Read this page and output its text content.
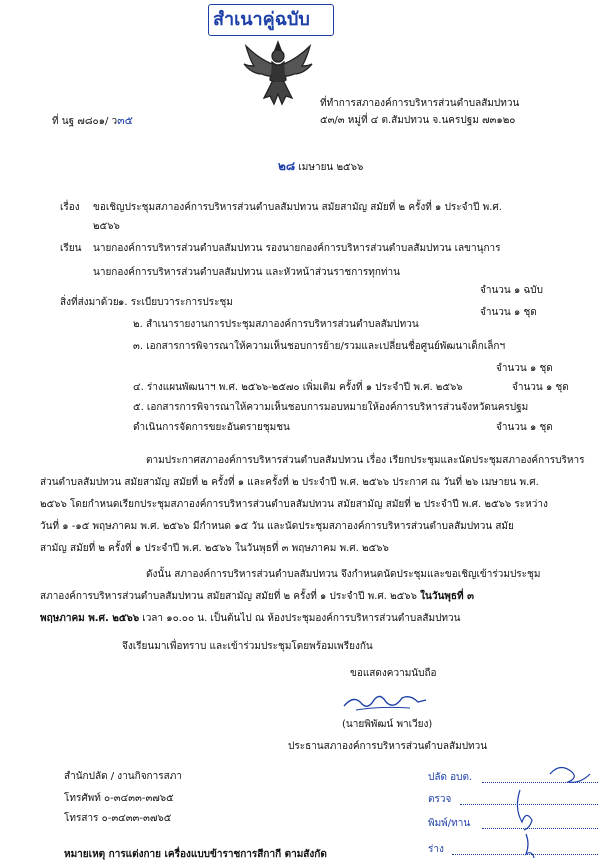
สำเนาคู่ฉบับ
ที่ นฐ ๗๘๐๑/ ว๓๕
ที่ทำการสภาองค์การบริหารส่วนตำบลสัมปทวน
๕๓/๓ หมู่ที่ ๔ ต.สัมปทวน จ.นครปฐม ๗๓๑๒๐
๒๘ เมษายน ๒๕๖๖
เรื่อง ขอเชิญประชุมสภาองค์การบริหารส่วนตำบลสัมปทวน สมัยสามัญ สมัยที่ ๒ ครั้งที่ ๑ ประจำปี พ.ศ.
๒๕๖๖
เรียน นายกองค์การบริหารส่วนตำบลสัมปทวน รองนายกองค์การบริหารส่วนตำบลสัมปทวน เลขานุการ
นายกองค์การบริหารส่วนตำบลสัมปทวน และหัวหน้าส่วนราชการทุกท่าน
สิ่งที่ส่งมาด้วย ๑. ระเบียบวาระการประชุม
จำนวน ๑ ฉบับ
๒. สำเนารายงานการประชุมสภาองค์การบริหารส่วนตำบลสัมปทวน
จำนวน ๑ ชุด
๓. เอกสารการพิจารณาให้ความเห็นชอบการย้าย/รวมและเปลี่ยนชื่อศูนย์พัฒนาเด็กเล็กฯ
จำนวน ๑ ชุด
๔. ร่างแผนพัฒนาฯ พ.ศ. ๒๕๖๖-๒๕๗๐ เพิ่มเติม ครั้งที่ ๑ ประจำปี พ.ศ. ๒๕๖๖	จำนวน ๑ ชุด
๕. เอกสารการพิจารณาให้ความเห็นชอบการมอบหมายให้องค์การบริหารส่วนจังหวัดนครปฐม
ดำเนินการจัดการขยะอันตรายชุมชน	จำนวน ๑ ชุด
ตามประกาศสภาองค์การบริหารส่วนตำบลสัมปทวน เรื่อง เรียกประชุมและนัดประชุมสภาองค์การบริหาร
ส่วนตำบลสัมปทวน สมัยสามัญ สมัยที่ ๒ ครั้งที่ ๑ และครั้งที่ ๒ ประจำปี พ.ศ. ๒๕๖๖ ประกาศ ณ วันที่ ๒๖ เมษายน พ.ศ.
๒๕๖๖ โดยกำหนดเรียกประชุมสภาองค์การบริหารส่วนตำบลสัมปทวน สมัยสามัญ สมัยที่ ๒ ประจำปี พ.ศ. ๒๕๖๖ ระหว่าง
วันที่ ๑ -๑๕ พฤษภาคม พ.ศ. ๒๕๖๖ มีกำหนด ๑๕ วัน และนัดประชุมสภาองค์การบริหารส่วนตำบลสัมปทวน สมัย
สามัญ สมัยที่ ๒ ครั้งที่ ๑ ประจำปี พ.ศ. ๒๕๖๖ ในวันพุธที่ ๓ พฤษภาคม พ.ศ. ๒๕๖๖
ดังนั้น สภาองค์การบริหารส่วนตำบลสัมปทวน จึงกำหนดนัดประชุมและขอเชิญเข้าร่วมประชุม
สภาองค์การบริหารส่วนตำบลสัมปทวน สมัยสามัญ สมัยที่ ๒ ครั้งที่ ๑ ประจำปี พ.ศ. ๒๕๖๖ ในวันพุธที่ ๓
พฤษภาคม พ.ศ. ๒๕๖๖ เวลา ๑๐.๐๐ น. เป็นต้นไป ณ ห้องประชุมองค์การบริหารส่วนตำบลสัมปทวน
จึงเรียนมาเพื่อทราบ และเข้าร่วมประชุมโดยพร้อมเพรียงกัน
ขอแสดงความนับถือ
(นายพิพัฒน์ พาเวียง)
ประธานสภาองค์การบริหารส่วนตำบลสัมปทวน
สำนักปลัด / งานกิจการสภา
โทรศัพท์ ๐-๓๔๓๓-๓๗๖๕
โทรสาร ๐-๓๔๓๓-๓๗๖๕
หมายเหตุ การแต่งกาย เครื่องแบบข้าราชการสีกากี ตามสังกัด
ปลัด อบต.
ตรวจ
พิมพ์/ทาน
ร่าง
